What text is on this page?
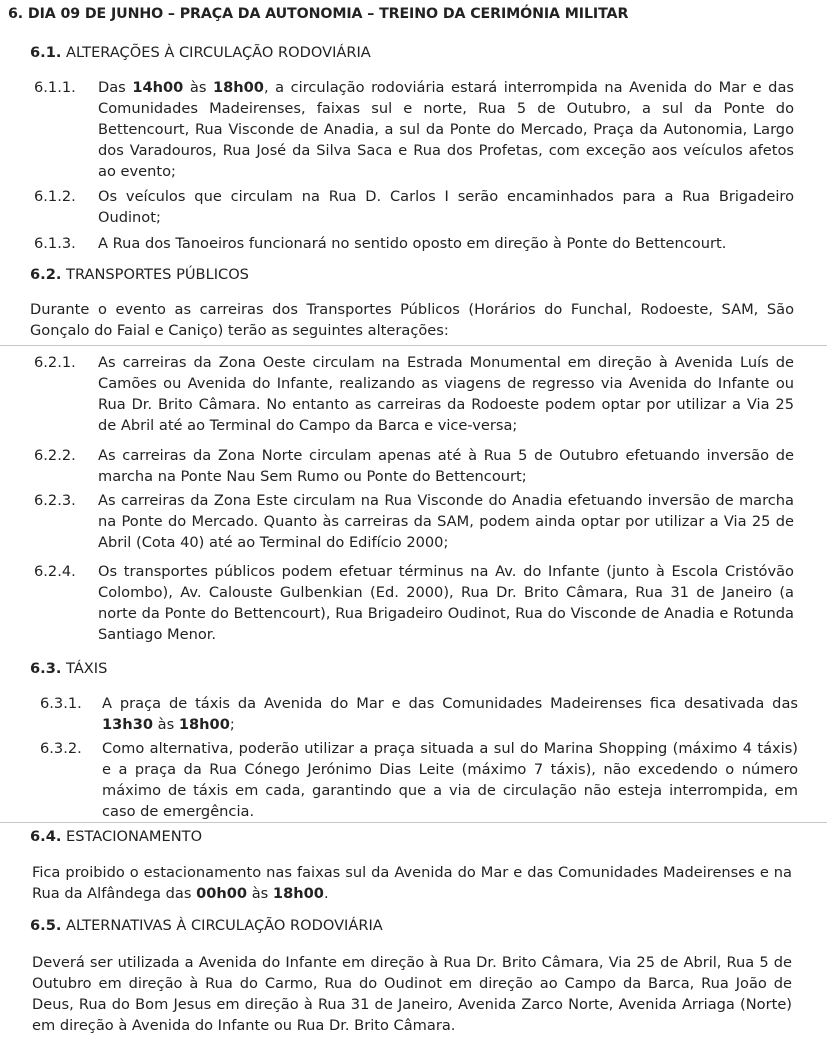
6. DIA 09 DE JUNHO – PRAÇA DA AUTONOMIA – TREINO DA CERIMÓNIA MILITAR
6.1. ALTERAÇÕES À CIRCULAÇÃO RODOVIÁRIA
6.1.1. Das 14h00 às 18h00, a circulação rodoviária estará interrompida na Avenida do Mar e das Comunidades Madeirenses, faixas sul e norte, Rua 5 de Outubro, a sul da Ponte do Bettencourt, Rua Visconde de Anadia, a sul da Ponte do Mercado, Praça da Autonomia, Largo dos Varadouros, Rua José da Silva Saca e Rua dos Profetas, com exceção aos veículos afetos ao evento;
6.1.2. Os veículos que circulam na Rua D. Carlos I serão encaminhados para a Rua Brigadeiro Oudinot;
6.1.3. A Rua dos Tanoeiros funcionará no sentido oposto em direção à Ponte do Bettencourt.
6.2. TRANSPORTES PÚBLICOS
Durante o evento as carreiras dos Transportes Públicos (Horários do Funchal, Rodoeste, SAM, São Gonçalo do Faial e Caniço) terão as seguintes alterações:
6.2.1. As carreiras da Zona Oeste circulam na Estrada Monumental em direção à Avenida Luís de Camões ou Avenida do Infante, realizando as viagens de regresso via Avenida do Infante ou Rua Dr. Brito Câmara. No entanto as carreiras da Rodoeste podem optar por utilizar a Via 25 de Abril até ao Terminal do Campo da Barca e vice-versa;
6.2.2. As carreiras da Zona Norte circulam apenas até à Rua 5 de Outubro efetuando inversão de marcha na Ponte Nau Sem Rumo ou Ponte do Bettencourt;
6.2.3. As carreiras da Zona Este circulam na Rua Visconde do Anadia efetuando inversão de marcha na Ponte do Mercado. Quanto às carreiras da SAM, podem ainda optar por utilizar a Via 25 de Abril (Cota 40) até ao Terminal do Edifício 2000;
6.2.4. Os transportes públicos podem efetuar términus na Av. do Infante (junto à Escola Cristóvão Colombo), Av. Calouste Gulbenkian (Ed. 2000), Rua Dr. Brito Câmara, Rua 31 de Janeiro (a norte da Ponte do Bettencourt), Rua Brigadeiro Oudinot, Rua do Visconde de Anadia e Rotunda Santiago Menor.
6.3. TÁXIS
6.3.1. A praça de táxis da Avenida do Mar e das Comunidades Madeirenses fica desativada das 13h30 às 18h00;
6.3.2. Como alternativa, poderão utilizar a praça situada a sul do Marina Shopping (máximo 4 táxis) e a praça da Rua Cónego Jerónimo Dias Leite (máximo 7 táxis), não excedendo o número máximo de táxis em cada, garantindo que a via de circulação não esteja interrompida, em caso de emergência.
6.4. ESTACIONAMENTO
Fica proibido o estacionamento nas faixas sul da Avenida do Mar e das Comunidades Madeirenses e na Rua da Alfândega das 00h00 às 18h00.
6.5. ALTERNATIVAS À CIRCULAÇÃO RODOVIÁRIA
Deverá ser utilizada a Avenida do Infante em direção à Rua Dr. Brito Câmara, Via 25 de Abril, Rua 5 de Outubro em direção à Rua do Carmo, Rua do Oudinot em direção ao Campo da Barca, Rua João de Deus, Rua do Bom Jesus em direção à Rua 31 de Janeiro, Avenida Zarco Norte, Avenida Arriaga (Norte) em direção à Avenida do Infante ou Rua Dr. Brito Câmara.
